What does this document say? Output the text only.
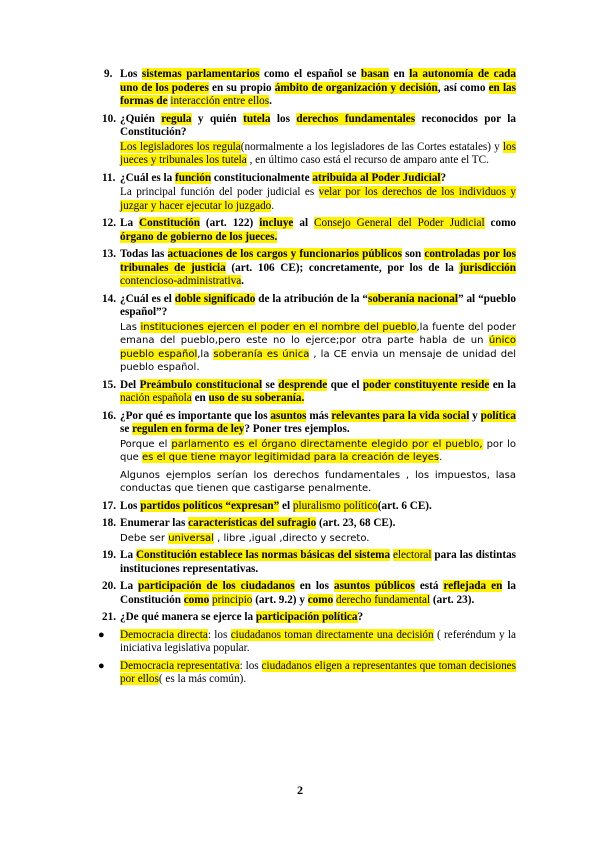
9. Los sistemas parlamentarios como el español se basan en la autonomía de cada uno de los poderes en su propio ámbito de organización y decisión, así como en las formas de interacción entre ellos.
10. ¿Quién regula y quién tutela los derechos fundamentales reconocidos por la Constitución?
Los legisladores los regula(normalmente a los legisladores de las Cortes estatales) y los jueces y tribunales los tutela , en último caso está el recurso de amparo ante el TC.
11. ¿Cuál es la función constitucionalmente atribuida al Poder Judicial?
La principal función del poder judicial es velar por los derechos de los individuos y juzgar y hacer ejecutar lo juzgado.
12. La Constitución (art. 122) incluye al Consejo General del Poder Judicial como órgano de gobierno de los jueces.
13. Todas las actuaciones de los cargos y funcionarios públicos son controladas por los tribunales de justicia (art. 106 CE); concretamente, por los de la jurisdicción contencioso-administrativa.
14. ¿Cuál es el doble significado de la atribución de la “soberanía nacional” al “pueblo español”?
Las instituciones ejercen el poder en el nombre del pueblo,la fuente del poder emana del pueblo,pero este no lo ejerce;por otra parte habla de un único pueblo español,la soberanía es única , la CE envia un mensaje de unidad del pueblo español.
15. Del Preámbulo constitucional se desprende que el poder constituyente reside en la nación española en uso de su soberanía.
16. ¿Por qué es importante que los asuntos más relevantes para la vida social y política se regulen en forma de ley? Poner tres ejemplos.
Porque el parlamento es el órgano directamente elegido por el pueblo, por lo que es el que tiene mayor legitimidad para la creación de leyes.
Algunos ejemplos serían los derechos fundamentales , los impuestos, lasa conductas que tienen que castigarse penalmente.
17. Los partidos políticos “expresan” el pluralismo político(art. 6 CE).
18. Enumerar las características del sufragio (art. 23, 68 CE).
Debe ser universal , libre ,igual ,directo y secreto.
19. La Constitución establece las normas básicas del sistema electoral para las distintas instituciones representativas.
20. La participación de los ciudadanos en los asuntos públicos está reflejada en la Constitución como principio (art. 9.2) y como derecho fundamental (art. 23).
21. ¿De qué manera se ejerce la participación política?
●	Democracia directa: los ciudadanos toman directamente una decisión ( referéndum y la iniciativa legislativa popular.
●	Democracia representativa: los ciudadanos eligen a representantes que toman decisiones por ellos( es la más común).
2
